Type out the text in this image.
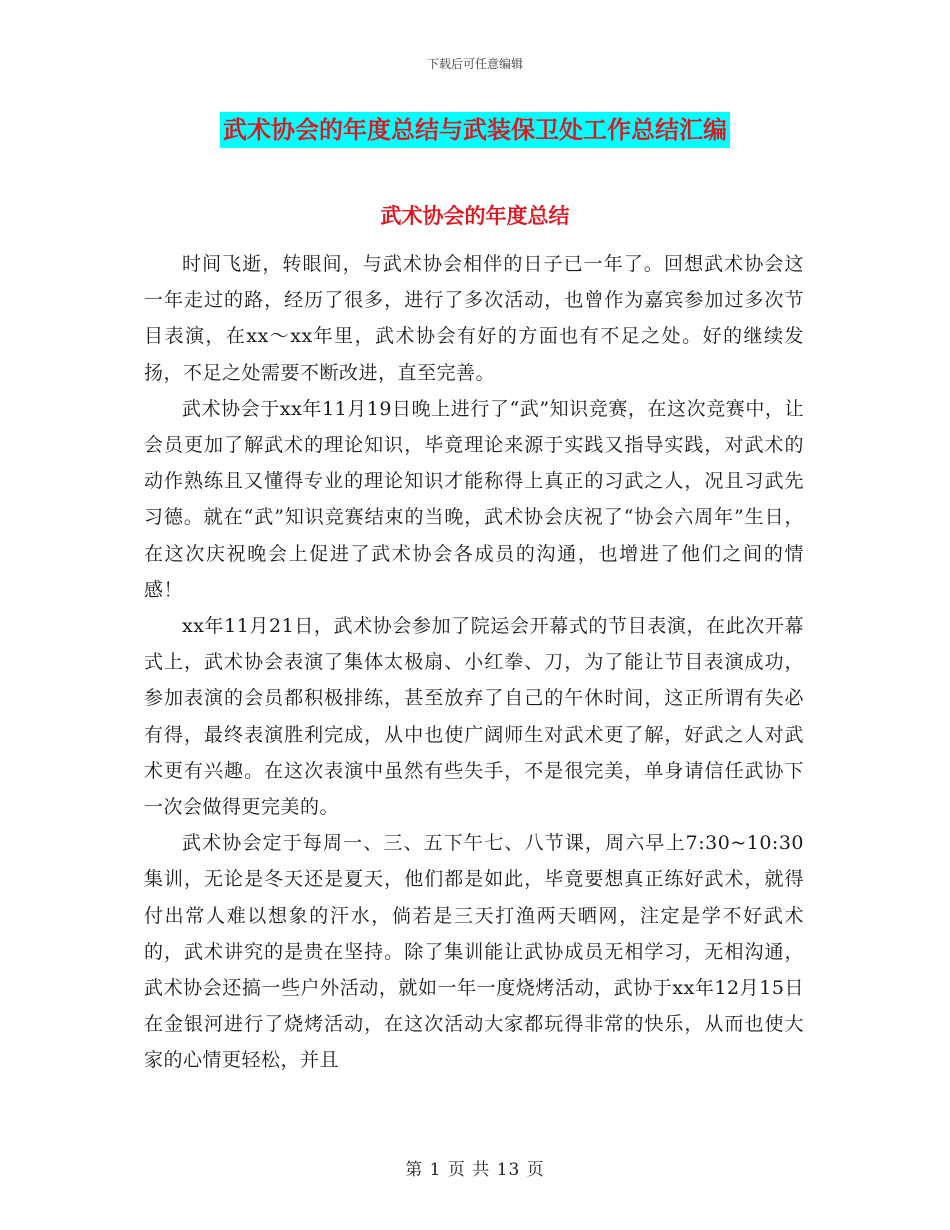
下载后可任意编辑
武术协会的年度总结与武装保卫处工作总结汇编
武术协会的年度总结

时间飞逝，转眼间，与武术协会相伴的日子已一年了。回想武术协会这一年走过的路，经历了很多，进行了多次活动，也曾作为嘉宾参加过多次节目表演，在xx～xx年里，武术协会有好的方面也有不足之处。好的继续发扬，不足之处需要不断改进，直至完善。

武术协会于xx年11月19日晚上进行了“武”知识竞赛，在这次竞赛中，让会员更加了解武术的理论知识，毕竟理论来源于实践又指导实践，对武术的动作熟练且又懂得专业的理论知识才能称得上真正的习武之人，况且习武先习德。就在“武”知识竞赛结束的当晚，武术协会庆祝了“协会六周年”生日，在这次庆祝晚会上促进了武术协会各成员的沟通，也增进了他们之间的情感！

xx年11月21日，武术协会参加了院运会开幕式的节目表演，在此次开幕式上，武术协会表演了集体太极扇、小红拳、刀，为了能让节目表演成功，参加表演的会员都积极排练，甚至放弃了自己的午休时间，这正所谓有失必有得，最终表演胜利完成，从中也使广阔师生对武术更了解，好武之人对武术更有兴趣。在这次表演中虽然有些失手，不是很完美，单身请信任武协下一次会做得更完美的。

武术协会定于每周一、三、五下午七、八节课，周六早上7:30~10:30集训，无论是冬天还是夏天，他们都是如此，毕竟要想真正练好武术，就得付出常人难以想象的汗水，倘若是三天打渔两天晒网，注定是学不好武术的，武术讲究的是贵在坚持。除了集训能让武协成员无相学习，无相沟通，武术协会还搞一些户外活动，就如一年一度烧烤活动，武协于xx年12月15日在金银河进行了烧烤活动，在这次活动大家都玩得非常的快乐，从而也使大家的心情更轻松，并且

第 1 页 共 13 页
